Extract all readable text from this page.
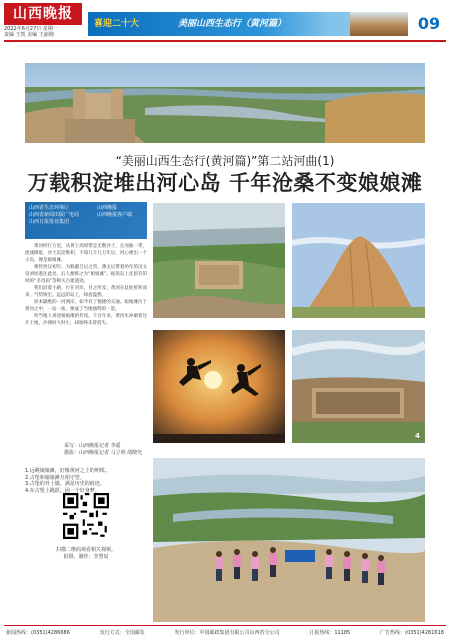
山西晚报
2022年6月27日 星期一
责编 王凯 美编 王丽刚
喜迎二十大	美丽山西生态行（黄河篇）	09
“美丽山西生态行(黄河篇)”第二站河曲(1)
万载积淀堆出河心岛 千年沧桑不变娘娘滩
山西省生态环境厅
山西省新闻出版广电局
山西日报报业集团
山西晚报
山西晚报客户端

黄河经行万里，从黄土高原带走无数沙土，在河曲一带，流速降低，沙土沉淀堆积，不知几千几万年后，河心便出一个小岛，便是娘娘滩。

相传西汉初年，为躲避吕后之害，薄太后带着幼年的汉文帝刘恒逃往此处，后人便称之为“娘娘滩”。据说岛上还留有旧时的“圣母庙”等相关古建遗迹。

我们沿着小路，行在对岸，目之所及，黄河在此处折转而来，气势恢宏。远远的岛上，绿意盎然。

原本隔绝的一河两岸，如今有了便捷的交通。娘娘滩位于黄河之中，一岛一庙，便成了当地独特的一景。

听当地人讲述娘娘滩的传说，千百年来，黄河水冲刷着这片土地，沙洲时大时小，却始终未曾消失。

采写：山西晚报记者 李遥
摄影：山西晚报记者 马立明 胡晓光
1.远眺娘娘滩，好像黄河之上的明珠。
2.古堡和娘娘滩互相守望。
3.古堡的外土墙，满是历史的痕迹。
4.在古堡上跳跃，固一个好身梦。
扫描二维码观看相关视频。
拍摄、制作：李慧辰
4
新闻热线：(0351)4286686	发行方式：全国邮发	发行单位：中国邮政集团有限公司山西省分公司	订报热线：11185	广告热线：(0351)4281618
